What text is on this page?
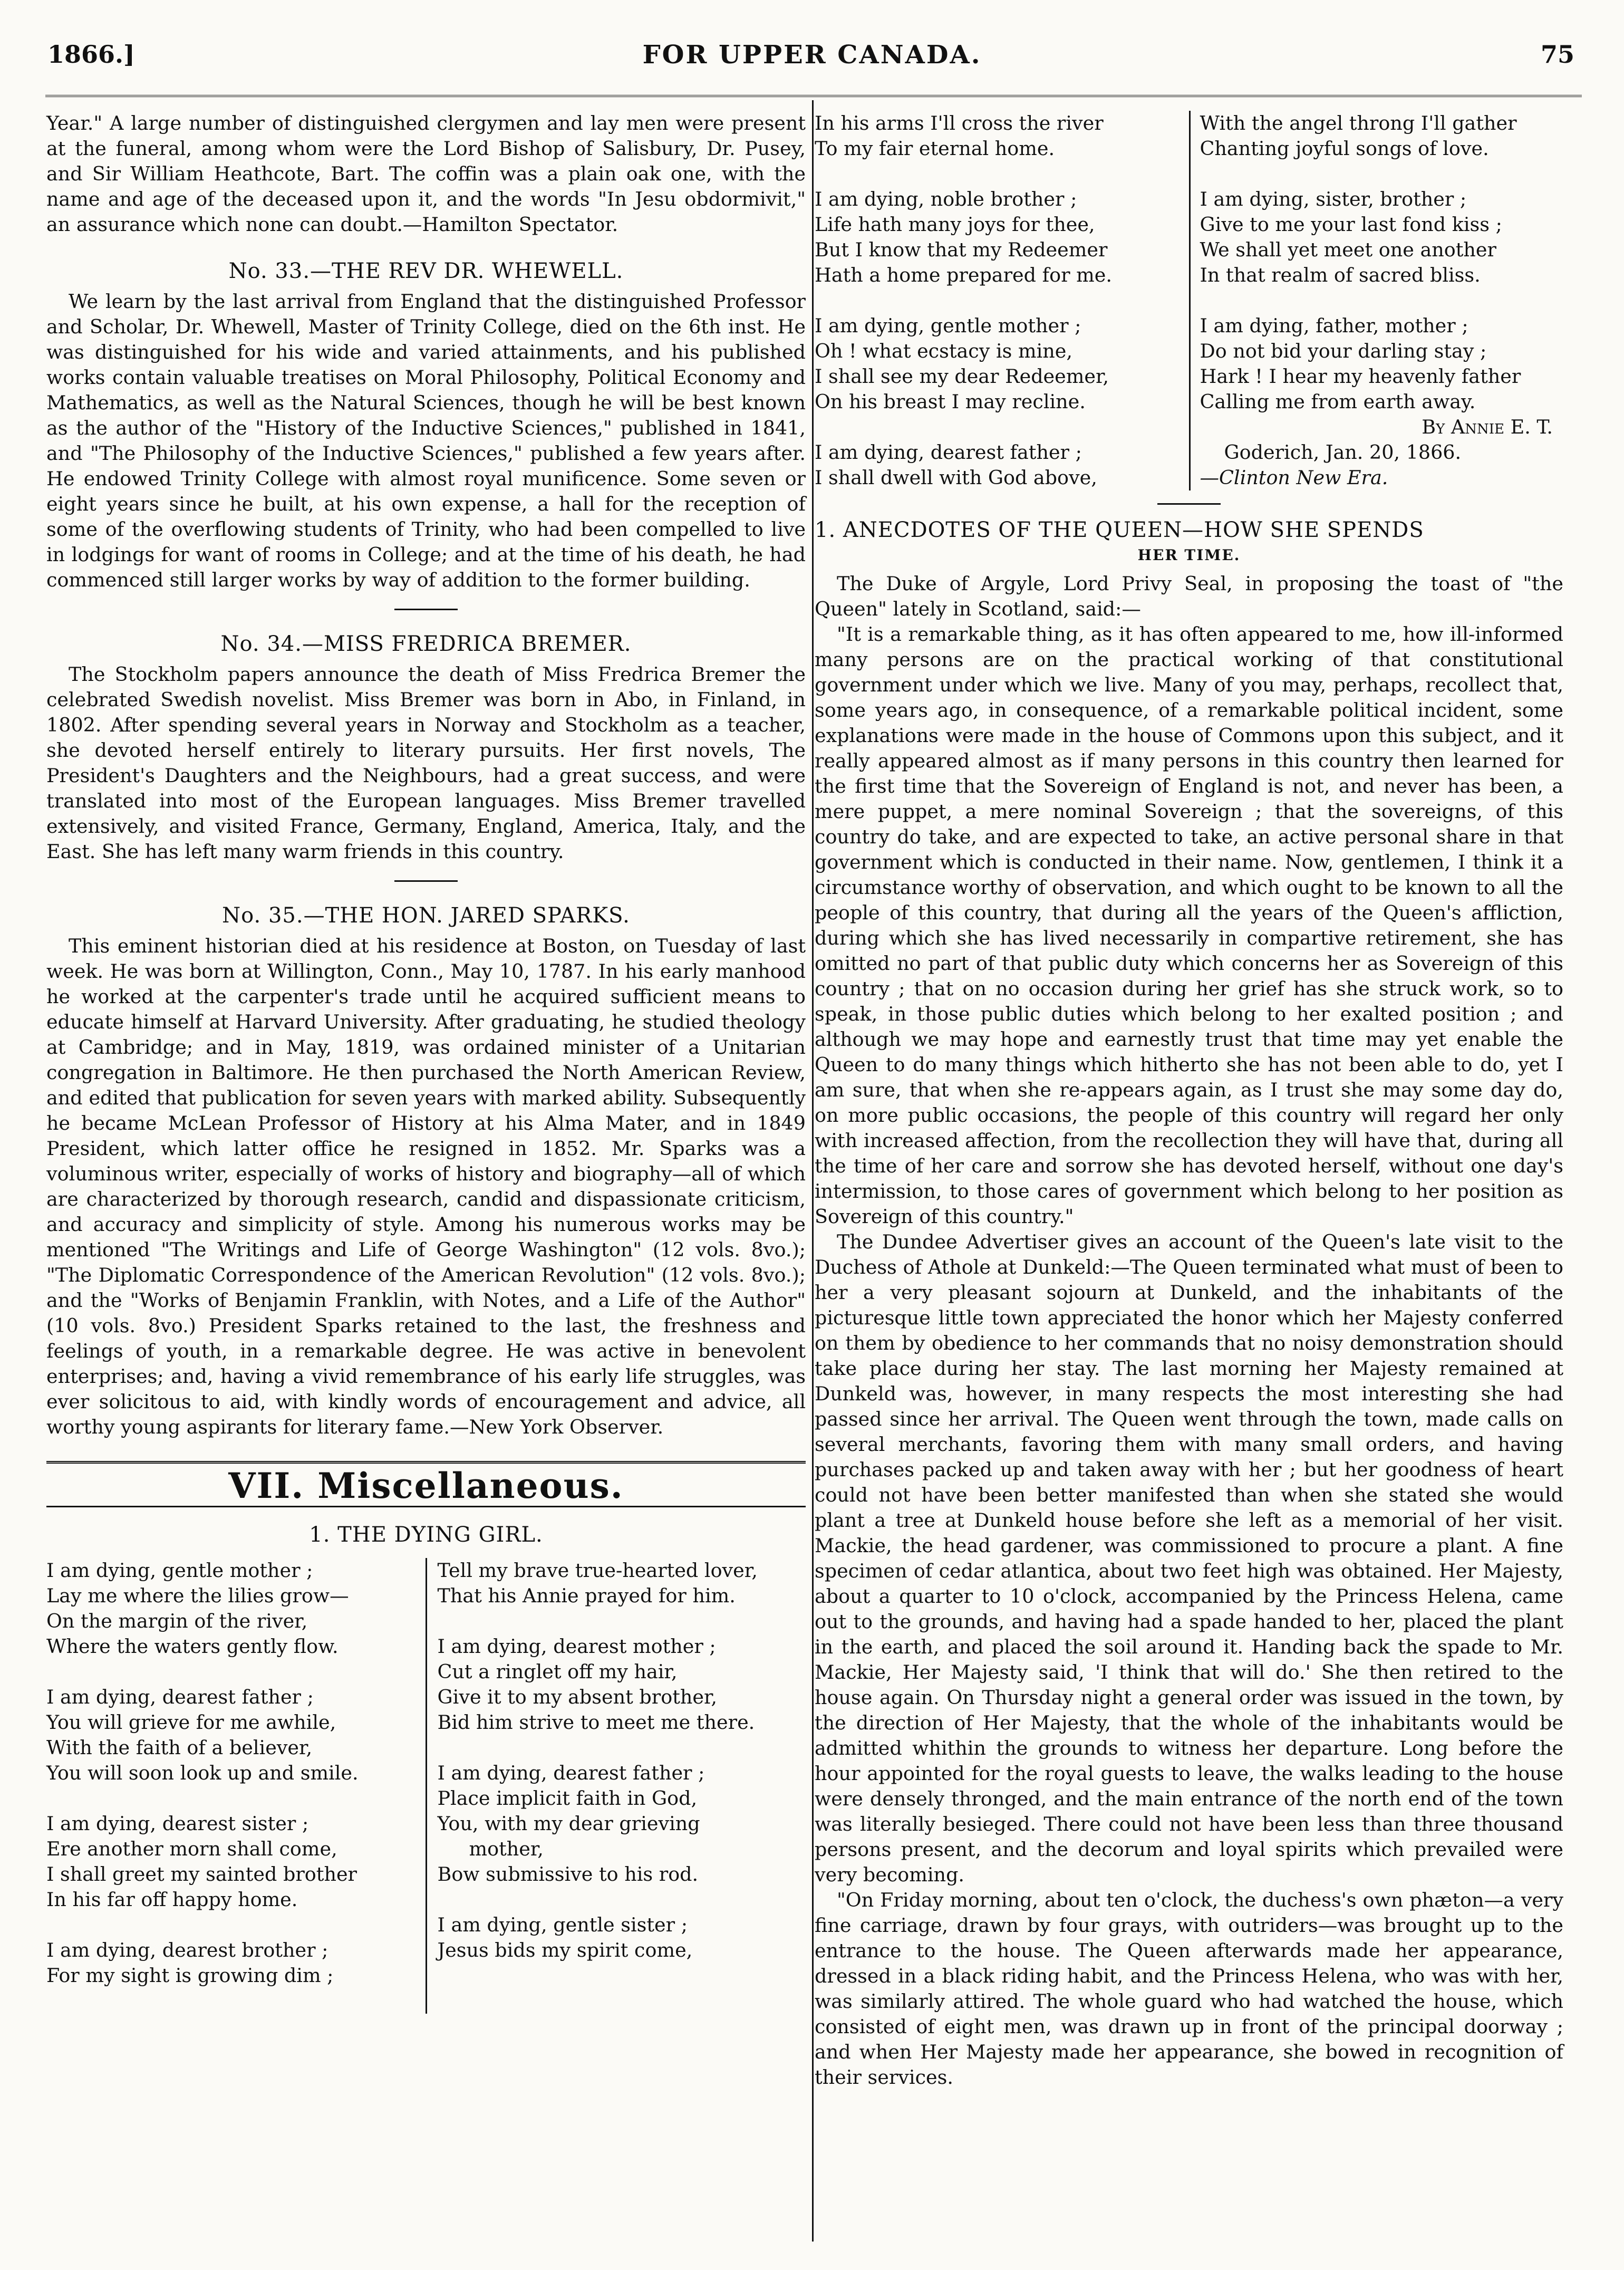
1866.]	FOR UPPER CANADA.	75

Year." A large number of distinguished clergymen and lay men were present at the funeral, among whom were the Lord Bishop of Salisbury, Dr. Pusey, and Sir William Heathcote, Bart. The coffin was a plain oak one, with the name and age of the deceased upon it, and the words "In Jesu obdormivit," an assurance which none can doubt.—Hamilton Spectator.

No. 33.—THE REV DR. WHEWELL.

We learn by the last arrival from England that the distinguished Professor and Scholar, Dr. Whewell, Master of Trinity College, died on the 6th inst. He was distinguished for his wide and varied attainments, and his published works contain valuable treatises on Moral Philosophy, Political Economy and Mathematics, as well as the Natural Sciences, though he will be best known as the author of the "History of the Inductive Sciences," published in 1841, and "The Philosophy of the Inductive Sciences," published a few years after. He endowed Trinity College with almost royal munificence. Some seven or eight years since he built, at his own expense, a hall for the reception of some of the overflowing students of Trinity, who had been compelled to live in lodgings for want of rooms in College; and at the time of his death, he had commenced still larger works by way of addition to the former building.

No. 34.—MISS FREDRICA BREMER.

The Stockholm papers announce the death of Miss Fredrica Bremer the celebrated Swedish novelist. Miss Bremer was born in Abo, in Finland, in 1802. After spending several years in Norway and Stockholm as a teacher, she devoted herself entirely to literary pursuits. Her first novels, The President's Daughters and the Neighbours, had a great success, and were translated into most of the European languages. Miss Bremer travelled extensively, and visited France, Germany, England, America, Italy, and the East. She has left many warm friends in this country.

No. 35.—THE HON. JARED SPARKS.

This eminent historian died at his residence at Boston, on Tuesday of last week. He was born at Willington, Conn., May 10, 1787. In his early manhood he worked at the carpenter's trade until he acquired sufficient means to educate himself at Harvard University. After graduating, he studied theology at Cambridge; and in May, 1819, was ordained minister of a Unitarian congregation in Baltimore. He then purchased the North American Review, and edited that publication for seven years with marked ability. Subsequently he became McLean Professor of History at his Alma Mater, and in 1849 President, which latter office he resigned in 1852. Mr. Sparks was a voluminous writer, especially of works of history and biography—all of which are characterized by thorough research, candid and dispassionate criticism, and accuracy and simplicity of style. Among his numerous works may be mentioned "The Writings and Life of George Washington" (12 vols. 8vo.); "The Diplomatic Correspondence of the American Revolution" (12 vols. 8vo.); and the "Works of Benjamin Franklin, with Notes, and a Life of the Author" (10 vols. 8vo.) President Sparks retained to the last, the freshness and feelings of youth, in a remarkable degree. He was active in benevolent enterprises; and, having a vivid remembrance of his early life struggles, was ever solicitous to aid, with kindly words of encouragement and advice, all worthy young aspirants for literary fame.—New York Observer.

VII. Miscellaneous.
1. THE DYING GIRL.
I am dying, gentle mother ;
Lay me where the lilies grow—
On the margin of the river,
Where the waters gently flow.
I am dying, dearest father ;
You will grieve for me awhile,
With the faith of a believer,
You will soon look up and smile.
I am dying, dearest sister ;
Ere another morn shall come,
I shall greet my sainted brother
In his far off happy home.
I am dying, dearest brother ;
For my sight is growing dim ;
Tell my brave true-hearted lover,
That his Annie prayed for him.
I am dying, dearest mother ;
Cut a ringlet off my hair,
Give it to my absent brother,
Bid him strive to meet me there.
I am dying, dearest father ;
Place implicit faith in God,
You, with my dear grieving
mother,
Bow submissive to his rod.
I am dying, gentle sister ;
Jesus bids my spirit come,
In his arms I'll cross the river
To my fair eternal home.
I am dying, noble brother ;
Life hath many joys for thee,
But I know that my Redeemer
Hath a home prepared for me.
I am dying, gentle mother ;
Oh ! what ecstacy is mine,
I shall see my dear Redeemer,
On his breast I may recline.
I am dying, dearest father ;
I shall dwell with God above,
With the angel throng I'll gather
Chanting joyful songs of love.
I am dying, sister, brother ;
Give to me your last fond kiss ;
We shall yet meet one another
In that realm of sacred bliss.
I am dying, father, mother ;
Do not bid your darling stay ;
Hark ! I hear my heavenly father
Calling me from earth away.
By Annie E. T.
Goderich, Jan. 20, 1866.
—Clinton New Era.
1. ANECDOTES OF THE QUEEN—HOW SHE SPENDS
HER TIME.

The Duke of Argyle, Lord Privy Seal, in proposing the toast of "the Queen" lately in Scotland, said:—

"It is a remarkable thing, as it has often appeared to me, how ill-informed many persons are on the practical working of that constitutional government under which we live. Many of you may, perhaps, recollect that, some years ago, in consequence, of a remarkable political incident, some explanations were made in the house of Commons upon this subject, and it really appeared almost as if many persons in this country then learned for the first time that the Sovereign of England is not, and never has been, a mere puppet, a mere nominal Sovereign ; that the sovereigns, of this country do take, and are expected to take, an active personal share in that government which is conducted in their name. Now, gentlemen, I think it a circumstance worthy of observation, and which ought to be known to all the people of this country, that during all the years of the Queen's affliction, during which she has lived necessarily in compartive retirement, she has omitted no part of that public duty which concerns her as Sovereign of this country ; that on no occasion during her grief has she struck work, so to speak, in those public duties which belong to her exalted position ; and although we may hope and earnestly trust that time may yet enable the Queen to do many things which hitherto she has not been able to do, yet I am sure, that when she re-appears again, as I trust she may some day do, on more public occasions, the people of this country will regard her only with increased affection, from the recollection they will have that, during all the time of her care and sorrow she has devoted herself, without one day's intermission, to those cares of government which belong to her position as Sovereign of this country."

The Dundee Advertiser gives an account of the Queen's late visit to the Duchess of Athole at Dunkeld:—The Queen terminated what must of been to her a very pleasant sojourn at Dunkeld, and the inhabitants of the picturesque little town appreciated the honor which her Majesty conferred on them by obedience to her commands that no noisy demonstration should take place during her stay. The last morning her Majesty remained at Dunkeld was, however, in many respects the most interesting she had passed since her arrival. The Queen went through the town, made calls on several merchants, favoring them with many small orders, and having purchases packed up and taken away with her ; but her goodness of heart could not have been better manifested than when she stated she would plant a tree at Dunkeld house before she left as a memorial of her visit. Mackie, the head gardener, was commissioned to procure a plant. A fine specimen of cedar atlantica, about two feet high was obtained. Her Majesty, about a quarter to 10 o'clock, accompanied by the Princess Helena, came out to the grounds, and having had a spade handed to her, placed the plant in the earth, and placed the soil around it. Handing back the spade to Mr. Mackie, Her Majesty said, 'I think that will do.' She then retired to the house again. On Thursday night a general order was issued in the town, by the direction of Her Majesty, that the whole of the inhabitants would be admitted whithin the grounds to witness her departure. Long before the hour appointed for the royal guests to leave, the walks leading to the house were densely thronged, and the main entrance of the north end of the town was literally besieged. There could not have been less than three thousand persons present, and the decorum and loyal spirits which prevailed were very becoming.

"On Friday morning, about ten o'clock, the duchess's own phæton—a very fine carriage, drawn by four grays, with outriders—was brought up to the entrance to the house. The Queen afterwards made her appearance, dressed in a black riding habit, and the Princess Helena, who was with her, was similarly attired. The whole guard who had watched the house, which consisted of eight men, was drawn up in front of the principal doorway ; and when Her Majesty made her appearance, she bowed in recognition of their services.
